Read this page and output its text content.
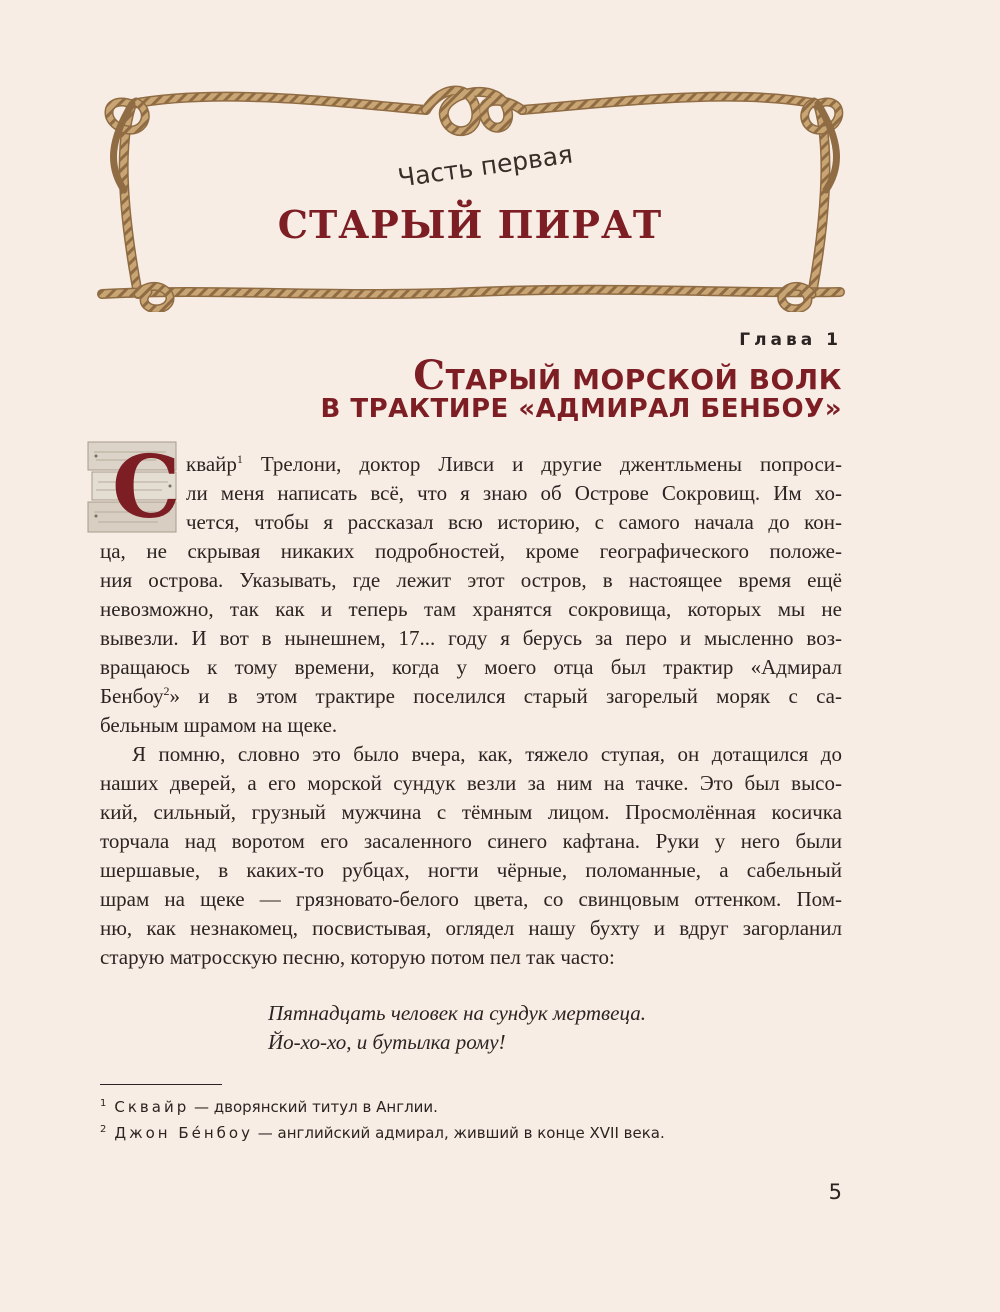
Часть первая
СТАРЫЙ ПИРАТ
Глава 1
СТАРЫЙ МОРСКОЙ ВОЛК
В ТРАКТИРЕ «АДМИРАЛ БЕНБОУ»
С квайр$^1$ Трелони, доктор Ливси и другие джентльмены попроси-
ли меня написать всё, что я знаю об Острове Сокровищ. Им хо-
чется, чтобы я рассказал всю историю, с самого начала до кон-
ца, не скрывая никаких подробностей, кроме географического положе-
ния острова. Указывать, где лежит этот остров, в настоящее время ещё
невозможно, так как и теперь там хранятся сокровища, которых мы не
вывезли. И вот в нынешнем, 17... году я берусь за перо и мысленно воз-
вращаюсь к тому времени, когда у моего отца был трактир «Адмирал
Бенбоу$^2$» и в этом трактире поселился старый загорелый моряк с са-
бельным шрамом на щеке.
Я помню, словно это было вчера, как, тяжело ступая, он дотащился до
наших дверей, а его морской сундук везли за ним на тачке. Это был высо-
кий, сильный, грузный мужчина с тёмным лицом. Просмолённая косичка
торчала над воротом его засаленного синего кафтана. Руки у него были
шершавые, в каких-то рубцах, ногти чёрные, поломанные, а сабельный
шрам на щеке — грязновато-белого цвета, со свинцовым оттенком. Пом-
ню, как незнакомец, посвистывая, оглядел нашу бухту и вдруг загорланил
старую матросскую песню, которую потом пел так часто:
Пятнадцать человек на сундук мертвеца.
Йо-хо-хо, и бутылка рому!
$^1$ Сквайр — дворянский титул в Англии.
$^2$ Джон Бéнбоу — английский адмирал, живший в конце XVII века.
5
